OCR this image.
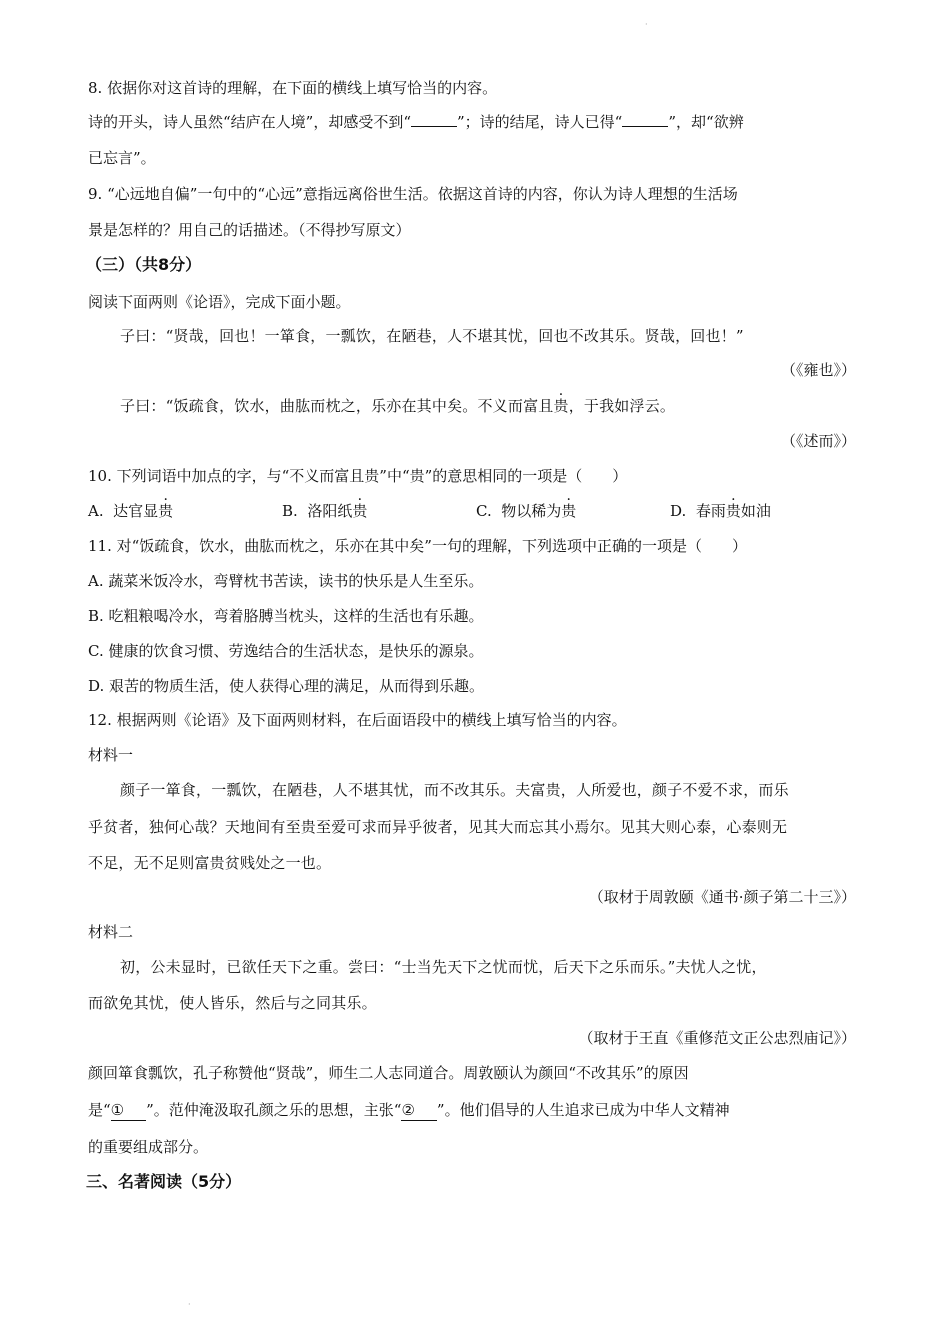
·
8. 依据你对这首诗的理解，在下面的横线上填写恰当的内容。
诗的开头，诗人虽然“结庐在人境”，却感受不到“	”；诗的结尾，诗人已得“	”，却“欲辨
已忘言”。
9. “心远地自偏”一句中的“心远”意指远离俗世生活。依据这首诗的内容，你认为诗人理想的生活场
景是怎样的？用自己的话描述。（不得抄写原文）
（三）（共8分）
阅读下面两则《论语》，完成下面小题。
子曰：“贤哉，回也！一箪食，一瓢饮，在陋巷，人不堪其忧，回也不改其乐。贤哉，回也！”
（《雍也》）
子曰：“饭疏食，饮水，曲肱而枕之，乐亦在其中矣。不义而富且贵，于我如浮云。
（《述而》）
10. 下列词语中加点的字，与“不义而富且贵”中“贵”的意思相同的一项是（　　）
A. 达官显贵	B. 洛阳纸贵	C. 物以稀为贵	D. 春雨贵如油
11. 对“饭疏食，饮水，曲肱而枕之，乐亦在其中矣”一句的理解，下列选项中正确的一项是（　　）
A. 蔬菜米饭冷水，弯臂枕书苦读，读书的快乐是人生至乐。
B. 吃粗粮喝冷水，弯着胳膊当枕头，这样的生活也有乐趣。
C. 健康的饮食习惯、劳逸结合的生活状态，是快乐的源泉。
D. 艰苦的物质生活，使人获得心理的满足，从而得到乐趣。
12. 根据两则《论语》及下面两则材料，在后面语段中的横线上填写恰当的内容。
材料一
颜子一箪食，一瓢饮，在陋巷，人不堪其忧，而不改其乐。夫富贵，人所爱也，颜子不爱不求，而乐
乎贫者，独何心哉？天地间有至贵至爱可求而异乎彼者，见其大而忘其小焉尔。见其大则心泰，心泰则无
不足，无不足则富贵贫贱处之一也。
（取材于周敦颐《通书·颜子第二十三》）
材料二
初，公未显时，已欲任天下之重。尝曰：“士当先天下之忧而忧，后天下之乐而乐。”夫忧人之忧，
而欲免其忧，使人皆乐，然后与之同其乐。
（取材于王直《重修范文正公忠烈庙记》）
颜回箪食瓢饮，孔子称赞他“贤哉”，师生二人志同道合。周敦颐认为颜回“不改其乐”的原因
是“① ”。范仲淹汲取孔颜之乐的思想，主张“② ”。他们倡导的人生追求已成为中华人文精神
的重要组成部分。
三、名著阅读（5分）
·
